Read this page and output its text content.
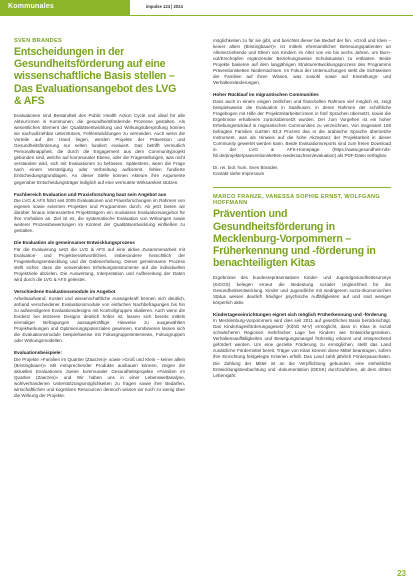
Kommunales	impulse 124 | 2024
SVEN BRANDES
Entscheidungen in der Gesundheitsförderung auf eine wissenschaftliche Basis stellen – Das Evaluationsangebot des LVG & AFS

Evaluationen sind Bestandteil des Public Health Action Cycle und ideal für alle Akteur:innen in Kommunen, die gesundheitsfördernde Prozesse gestalten. Als wesentliches Element der Qualitätsentwicklung und Wirkungsüberprüfung können sie nachvollziehbar unterstützen, Fehlentwicklungen zu vermeiden. Auch wenn die Vorteile auf der Hand liegen, werden Projekte der Prävention und Gesundheitsförderung nur selten fundiert evaluiert. Das betrifft vermutlich Personalknappheit, die durch die Engagement aus dem Communityprojekt gebunden sind, welche auf kommunaler Ebene, oder die Fragestellungen, was nicht verstanden wird, sich mit Evaluationen zu befassen. Spätestens, wenn die Frage nach einem Verstetigung oder Verbreitung aufkommt, fehlen fundierte Entscheidungsgrundlagen. An dieser Stelle können Akteure ihre Argumente gegenüber Entscheidungsträger lediglich auf eine vermutete Wirksamkeit stützen.

Fachbereich Evaluation und Praxisforschung baut sein Angebot aus

Die LVG & AFS führt seit 2009 Evaluationen und Praxisforschungen im Rahmen von eigenen sowie externen Projekten und Programmen durch. Ab jetzt bieten wir darüber hinaus interessierten Projektträgern ein modulares Evaluationsangebot für ihre Vorhaben an. Ziel ist es, die systematische Evaluation von Wirkungen sowie weiterer Prozessbewertungen im Kontext der Qualitätsentwicklung einfließen zu gestalten.

Die Evaluation als gemeinsamer Entwicklungsprozess

Für die Evaluierung setzt die LVG & AFS auf eine aktive Zusammenarbeit mit Evaluation- und Projektverantwortlichen, insbesondere hinsichtlich der Fragestellungsentwicklung und der Datenerhebung. Dieser gemeinsame Prozess stellt sicher, dass die verwendeten Erhebungsinstrumente auf die individuellen Projektziele abzielen. Die Auswertung, Interpretation und Aufbereitung der Daten wird durch die LVG & AFS geleistet.

Verschiedene Evaluationsmodule im Angebot

Arbeitsaufwand, Kosten und wissenschaftliche Aussagekraft können sich deutlich, anhand verschiedener Evaluationsmodule von einfachen Nachbefragungen bis hin zu aufwendigeren Evaluationsdesigns mit Kontrollgruppen skalieren. Auch wenn die Evidenz bei letzteren Designs deutlich höher ist, lassen sich bereits mittels einmaliger Befragungen aussagekräftige Hinweise zu ausgewählten Projektwirkungen und Optimierungspotenzialen gewinnen. Kombinieren lassen sich die Evaluationsmodule beispielsweise mit Fokusgruppeninterviews, Fokusgruppen oder Wirkungsmodellen.

Evaluationsbeispiele:

Die Projekte »Familien im Quartier (Zaarzen)« sowie »Groß und Klein – keiner allein (Bristingbauer)« Mit entsprechender Produkte ausbauen können, zeigen die aktuellen Evaluationen zweier kommunaler Gesundheitsprojekte »Familien im Quartier (Zaarzen)« und Wir haben uns in einer Lebensweltanalyse, wohlverhandenen Unterstützungsmöglichkeiten zu fragen sowie ihre Bedarfen, wirtschaftlichen und kognitiven Ressourcen dennoch wissen wir noch zu wenig über die Wirkung der Projekte.

möglichkeiten zu für sie gibt, und berichtet dieser bei Bedarf der hin. »Groß und Klein – keiner allein (Bristingbauer)« ist mittels ehrenamtlicher Betreuungspatienten an Alleinerziehende und Eltern von Kindern im Alter von ein bis sechs Jahren, um Burn-out/Erschöpfen ergänzender Beziehungsweise Schulsituation zu entlasten. Beide Projekte basieren auf dem langjährigen Strukturentwicklungsprozess des Programms Präventionsketten Niedersachsen. Im Fokus der Untersuchungen steht die Sichtweisen der Familien auf ihren Wissen, was sowohl sowie auf Einstellungs- und Verhaltensänderungen.

Hoher Rücklauf im migrantischen Communities

Dass auch in einem eingen zeitlichen und finanziellen Rahmen viel möglich ist, zeigt beispielsweise die Evaluation in Saalhusen, in deren Rahmen der schriftliche Fragebogen mit Hilfe der Projektmitarbeiter:innen in fünf Sprachen übersetzt, sowie die Ergebnisse erhaltenen zurückübersetzt wurden. Der zum Vorgehen ist ein hoher Erhebungsrücklauf in migrantischen Communities zu verzeichnen. Von insgesamt 108 befragten Familien nutzten 83,3 Prozent das in die arabische Sprache übersetzte Instrument, was als Hinweis auf die hohe Akzeptanz der Projektarbeit in dieser Community gewertet werden kann. Beide Evaluationsreports sind zum freien Download in der LVG & AFS-Homepage (https://www.gesundheit-nds-hb.de/projekte/praeventionsketten-niedersachsen/evaluation) als PDF-Datei verfügbar.

Dr. rer. biol. hum. Sven Brandes
Kontakt siehe Impressum
MARCO FRANZE, VANESSA SOPHIE ERNST, WOLFGANG HOFFMANN
Prävention und Gesundheitsförderung in Mecklenburg-Vorpommern – Früherkennung und -förderung in benachteiligten Kitas

Ergebnisse des bundesrepräsentativen Kinder- und Jugendgesundheitssurveys (KiGGS) belegen erneut die Bedeutung sozialer Ungleichheit für die Gesundheitsentwicklung. Kinder und Jugendliche mit niedrigerem sozio-ökonomischen Status weisen deutlich häufiger psychische Auffälligkeiten auf und sind weniger körperlich aktiv.

Kindertageseinrichtungen eignet sich möglich Früherkennung und -förderung

In Mecklenburg-Vorpommern wird dies seit 2011 auf gesetzlicher Basis berücksichtigt. Das Kindertagesförderungsgesetz (KiföG M-V) ermöglicht, dass in Kitas in sozial schwächeren Regionen mehrfacher Lage bei Kindern wie Entwicklungsrisiken, Verhaltensauffälligkeiten und Bewegungsmangel frühzeitig erkannt und entsprechend gefördert werden. Um eine gezielte Förderung zu ermöglichen, stellt das Land zusätzliche Fördermittel bereit. Träger von Kitas können diese Mittel beantragen, sofern ihre Einrichtung festgelegte Kriterien erfüllt. Das Land zahlt jährlich Förderpauschalen. Die Zahlung der Mittel ist an die Verpflichtung gebunden, eine einheitliche Entwicklungsbeobachtung und -dokumentation (DESK) durchzuführen, ab dem dritten Lebensjahr.

23
